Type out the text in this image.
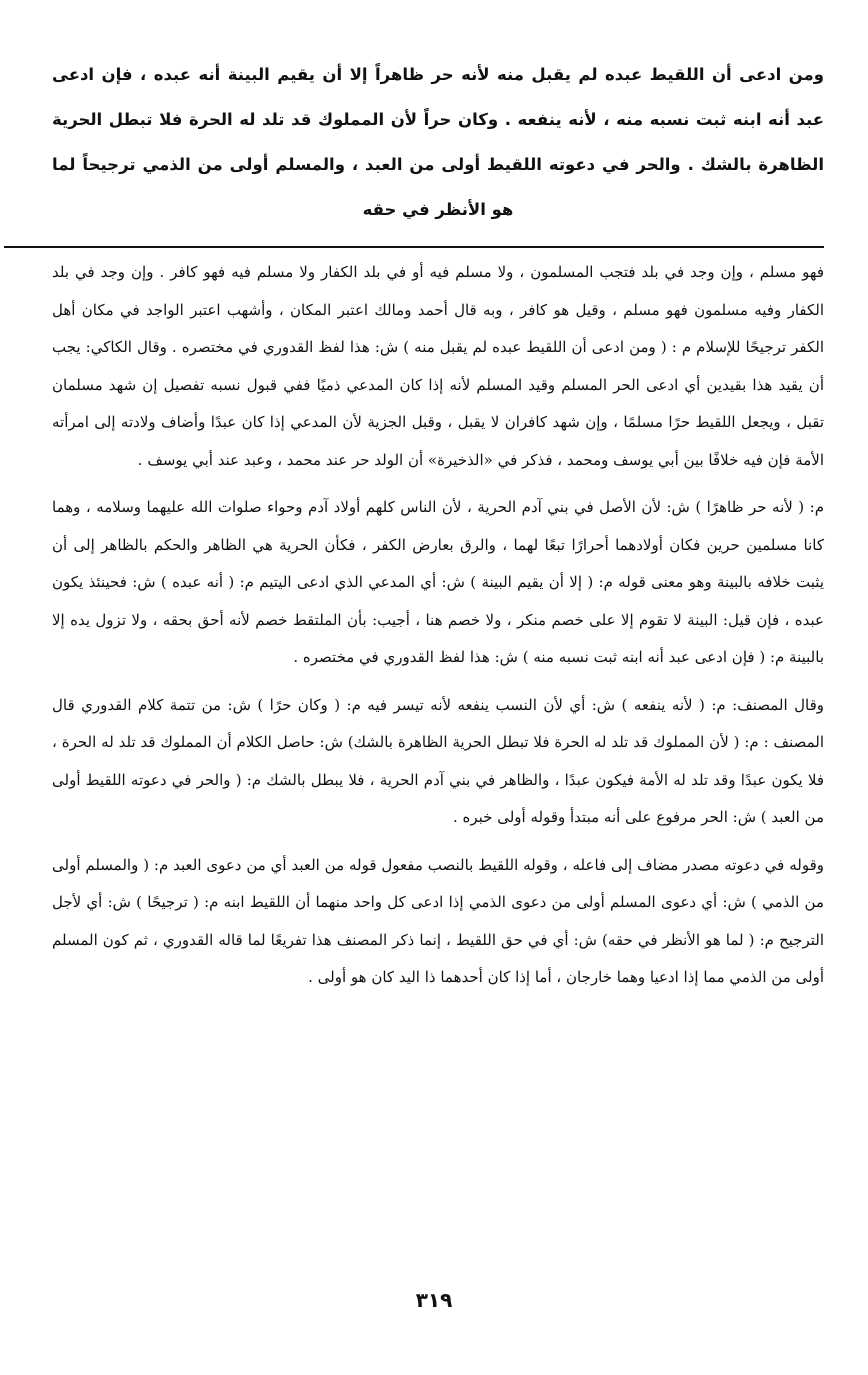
ومن ادعى أن اللقيط عبده لم يقبل منه لأنه حر ظاهراً إلا أن يقيم البينة أنه عبده ، فإن ادعى عبد أنه ابنه ثبت نسبه منه ، لأنه ينفعه . وكان حراً لأن المملوك قد تلد له الحرة فلا تبطل الحرية الظاهرة بالشك . والحر في دعوته اللقيط أولى من العبد ، والمسلم أولى من الذمي ترجيحاً لما هو الأنظر في حقه

فهو مسلم ، وإن وجد في بلد فتجب المسلمون ، ولا مسلم فيه أو في بلد الكفار ولا مسلم فيه فهو كافر . وإن وجد في بلد الكفار وفيه مسلمون فهو مسلم ، وقيل هو كافر ، وبه قال أحمد ومالك اعتبر المكان ، وأشهب اعتبر الواجد في مكان أهل الكفر ترجيحًا للإسلام م : ( ومن ادعى أن اللقيط عبده لم يقبل منه ) ش: هذا لفظ القدوري في مختصره . وقال الكاكي: يجب أن يقيد هذا بقيدين أي ادعى الحر المسلم وقيد المسلم لأنه إذا كان المدعي ذميًا ففي قبول نسبه تفصيل إن شهد مسلمان تقبل ، ويجعل اللقيط حرًا مسلمًا ، وإن شهد كافران لا يقبل ، وقبل الجزية لأن المدعي إذا كان عبدًا وأضاف ولادته إلى امرأته الأمة فإن فيه خلافًا بين أبي يوسف ومحمد ، فذكر في «الذخيرة» أن الولد حر عند محمد ، وعبد عند أبي يوسف .

م: ( لأنه حر ظاهرًا ) ش: لأن الأصل في بني آدم الحرية ، لأن الناس كلهم أولاد آدم وحواء صلوات الله عليهما وسلامه ، وهما كانا مسلمين حرين فكان أولادهما أحرارًا تبعًا لهما ، والرق بعارض الكفر ، فكأن الحرية هي الظاهر والحكم بالظاهر إلى أن يثبت خلافه بالبينة وهو معنى قوله م: ( إلا أن يقيم البينة ) ش: أي المدعي الذي ادعى اليتيم م: ( أنه عبده ) ش: فحينئذ يكون عبده ، فإن قيل: البينة لا تقوم إلا على خصم منكر ، ولا خصم هنا ، أجيب: بأن الملتقط خصم لأنه أحق بحقه ، ولا تزول يده إلا بالبينة م: ( فإن ادعى عبد أنه ابنه ثبت نسبه منه ) ش: هذا لفظ القدوري في مختصره .

وقال المصنف: م: ( لأنه ينفعه ) ش: أي لأن النسب ينفعه لأنه تيسر فيه م: ( وكان حرًا ) ش: من تتمة كلام القدوري قال المصنف : م: ( لأن المملوك قد تلد له الحرة فلا تبطل الحرية الظاهرة بالشك) ش: حاصل الكلام أن المملوك قد تلد له الحرة ، فلا يكون عبدًا وقد تلد له الأمة فيكون عبدًا ، والظاهر في بني آدم الحرية ، فلا يبطل بالشك م: ( والحر في دعوته اللقيط أولى من العبد ) ش: الحر مرفوع على أنه مبتدأ وقوله أولى خبره .

وقوله في دعوته مصدر مضاف إلى فاعله ، وقوله اللقيط بالنصب مفعول قوله من العبد أي من دعوى العبد م: ( والمسلم أولى من الذمي ) ش: أي دعوى المسلم أولى من دعوى الذمي إذا ادعى كل واحد منهما أن اللقيط ابنه م: ( ترجيحًا ) ش: أي لأجل الترجيح م: ( لما هو الأنظر في حقه) ش: أي في حق اللقيط ، إنما ذكر المصنف هذا تفريعًا لما قاله القدوري ، ثم كون المسلم أولى من الذمي مما إذا ادعيا وهما خارجان ، أما إذا كان أحدهما ذا اليد كان هو أولى .

٣١٩
